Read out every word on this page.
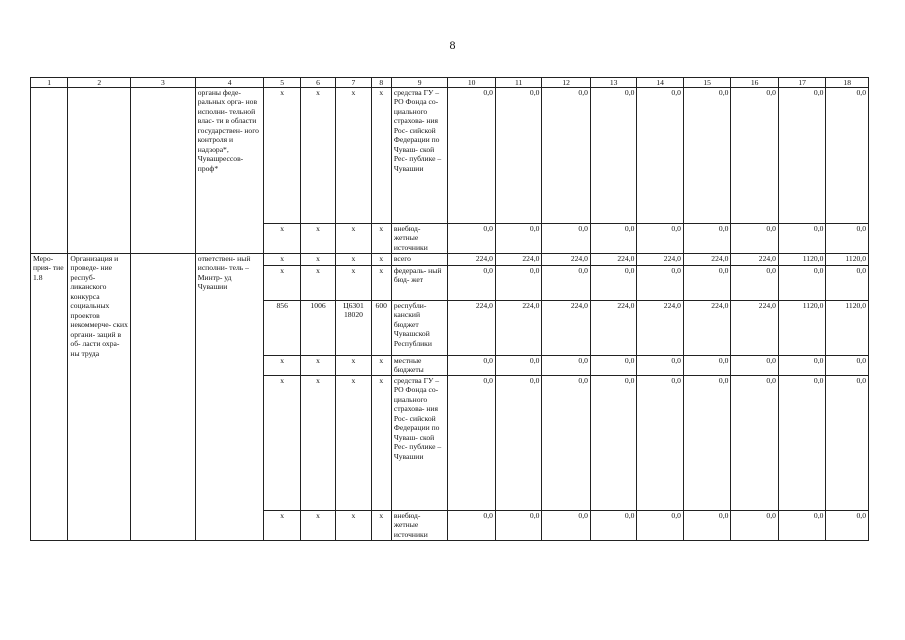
8
1	2	3	4	5	6	7	8	9	10	11	12	13	14	15	16	17	18
			органы феде- ральных орга- нов исполни- тельной влас- ти в области государствен- ного контроля и надзора*, Чувашрессов- проф*	x	x	x	x	средства ГУ – РО Фонда со- циального страхова- ния Рос- сийской Федерации по Чуваш- ской Рес- публике – Чувашии	0,0	0,0	0,0	0,0	0,0	0,0	0,0	0,0	0,0
				x	x	x	x	внебюд- жетные источники	0,0	0,0	0,0	0,0	0,0	0,0	0,0	0,0	0,0
Меро- прия- тие 1.8	Организация и проведе- ние респуб- ликанского конкурса социальных проектов некоммерче- ских органи- заций в об- ласти охра- ны труда		ответствен- ный исполни- тель – Минтр- уд Чувашии	x	x	x	x	всего	224,0	224,0	224,0	224,0	224,0	224,0	224,0	1120,0	1120,0
				x	x	x	x	федераль- ный бюд- жет	0,0	0,0	0,0	0,0	0,0	0,0	0,0	0,0	0,0
				856	1006	Ц6301 18020	600	республи- канский бюджет Чувашской Республики	224,0	224,0	224,0	224,0	224,0	224,0	224,0	1120,0	1120,0
				x	x	x	x	местные бюджеты	0,0	0,0	0,0	0,0	0,0	0,0	0,0	0,0	0,0
				x	x	x	x	средства ГУ – РО Фонда со- циального страхова- ния Рос- сийской Федерации по Чуваш- ской Рес- публике – Чувашии	0,0	0,0	0,0	0,0	0,0	0,0	0,0	0,0	0,0
				x	x	x	x	внебюд- жетные источники	0,0	0,0	0,0	0,0	0,0	0,0	0,0	0,0	0,0
